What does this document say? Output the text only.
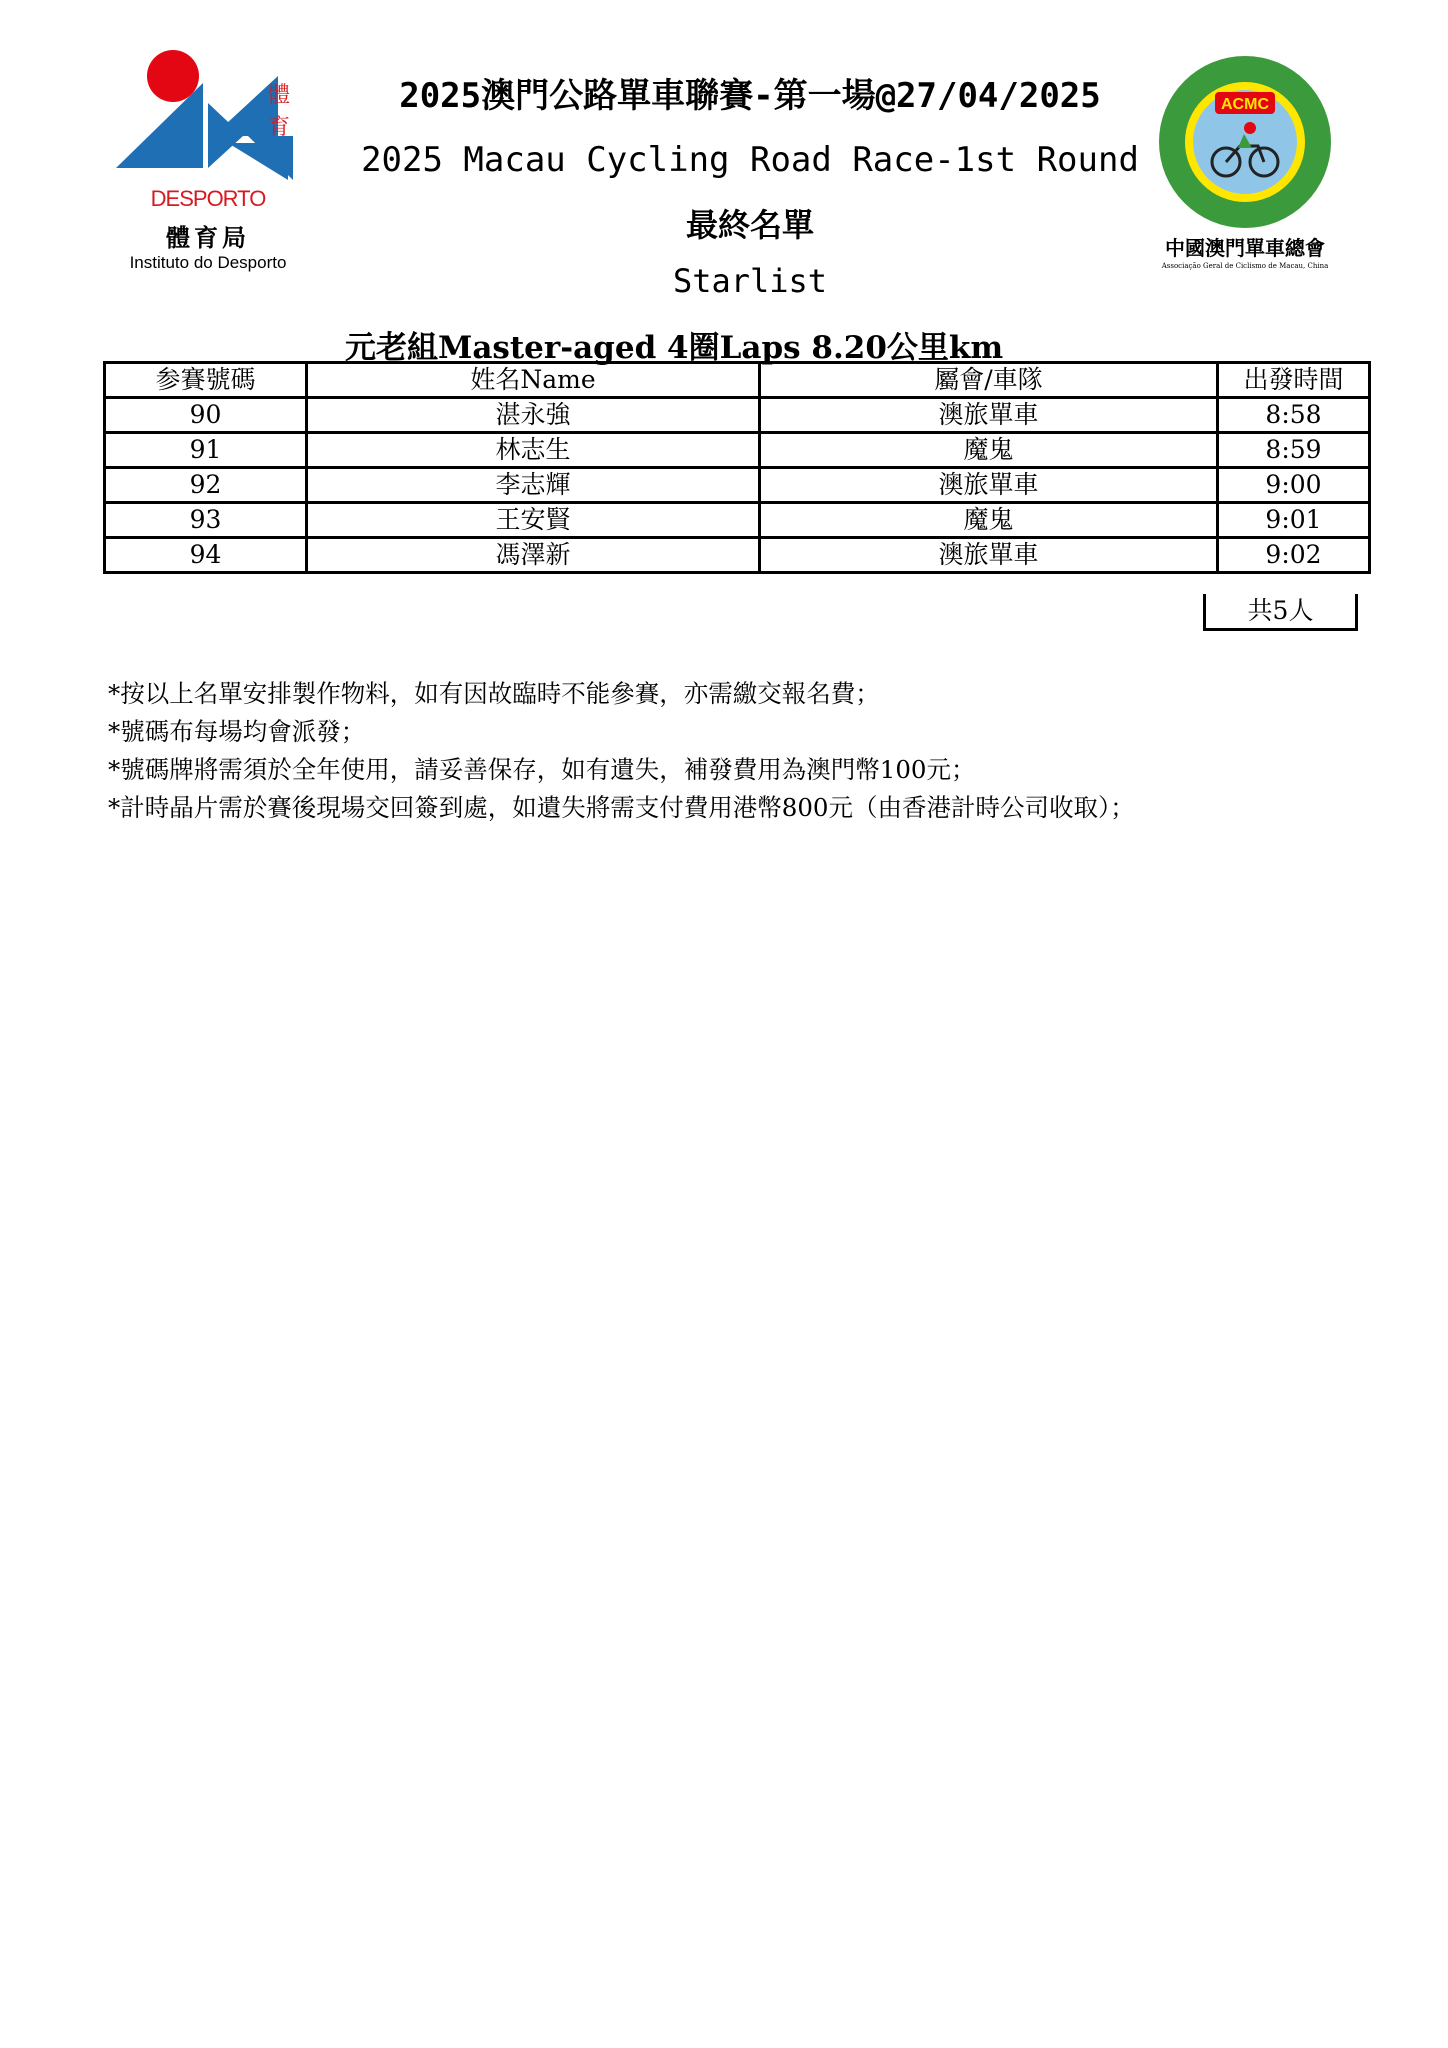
體
育
DESPORTO
體育局
Instituto do Desporto
2025澳門公路單車聯賽-第一場@27/04/2025
2025 Macau Cycling Road Race-1st Round
最終名單
Starlist
ACMC
中國澳門單車總會
Associação Geral de Ciclismo de Macau, China
元老組Master-aged 4圈Laps 8.20公里km
参賽號碼	姓名Name	屬會/車隊	出發時間
90	湛永強	澳旅單車	8:58
91	林志生	魔鬼	8:59
92	李志輝	澳旅單車	9:00
93	王安賢	魔鬼	9:01
94	馮澤新	澳旅單車	9:02
共5人
*按以上名單安排製作物料，如有因故臨時不能參賽，亦需繳交報名費；
*號碼布每場均會派發；
*號碼牌將需須於全年使用，請妥善保存，如有遺失，補發費用為澳門幣100元；
*計時晶片需於賽後現場交回簽到處，如遺失將需支付費用港幣800元（由香港計時公司收取）；
